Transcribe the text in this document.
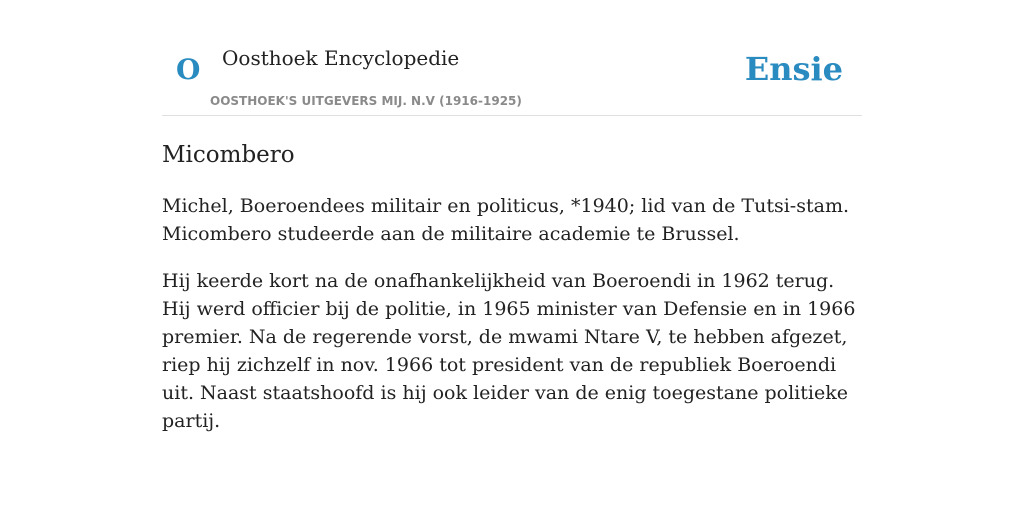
O Oosthoek Encyclopedie
OOSTHOEK'S UITGEVERS MIJ. N.V (1916-1925)
Ensie
Micombero

Michel, Boeroendees militair en politicus, *1940; lid van de Tutsi-stam. Micombero studeerde aan de militaire academie te Brussel.

Hij keerde kort na de onafhankelijkheid van Boeroendi in 1962 terug. Hij werd officier bij de politie, in 1965 minister van Defensie en in 1966 premier. Na de regerende vorst, de mwami Ntare V, te hebben afgezet, riep hij zichzelf in nov. 1966 tot president van de republiek Boeroendi uit. Naast staatshoofd is hij ook leider van de enig toegestane politieke partij.
